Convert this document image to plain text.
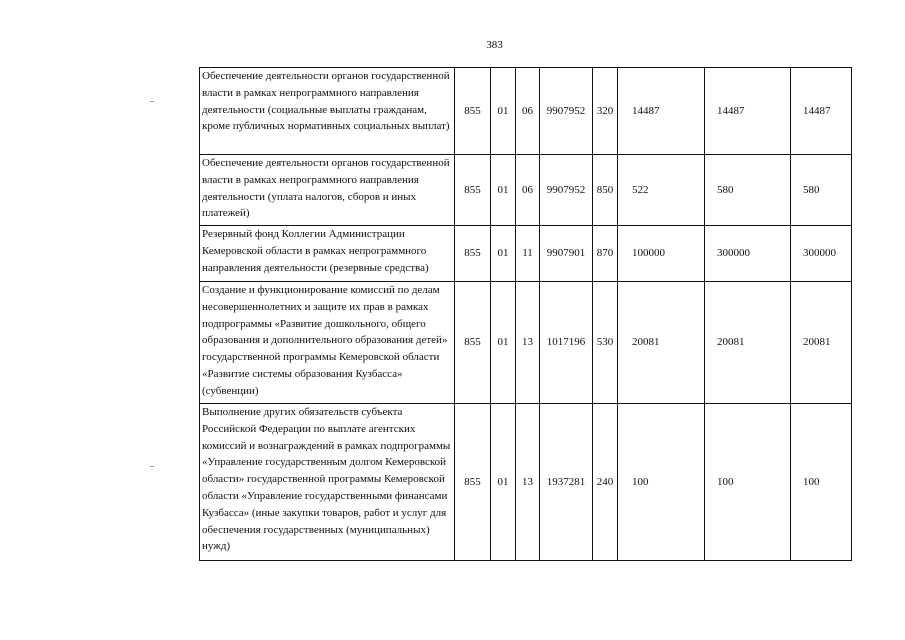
383
Обеспечение деятельности органов государственной власти в рамках непрограммного направления деятельности (социальные выплаты гражданам, кроме публичных нормативных социальных выплат)	855	01	06	9907952	320	14487	14487	14487
Обеспечение деятельности органов государственной власти в рамках непрограммного направления деятельности (уплата налогов, сборов и иных платежей)	855	01	06	9907952	850	522	580	580
Резервный фонд Коллегии Администрации Кемеровской области в рамках непрограммного направления деятельности (резервные средства)	855	01	11	9907901	870	100000	300000	300000
Создание и функционирование комиссий по делам несовершеннолетних и защите их прав в рамках подпрограммы «Развитие дошкольного, общего образования и дополнительного образования детей» государственной программы Кемеровской области «Развитие системы образования Кузбасса» (субвенции)	855	01	13	1017196	530	20081	20081	20081
Выполнение других обязательств субъекта Российской Федерации по выплате агентских комиссий и вознаграждений в рамках подпрограммы «Управление государственным долгом Кемеровской области» государственной программы Кемеровской области «Управление государственными финансами Кузбасса» (иные закупки товаров, работ и услуг для обеспечения государственных (муниципальных) нужд)	855	01	13	1937281	240	100	100	100
